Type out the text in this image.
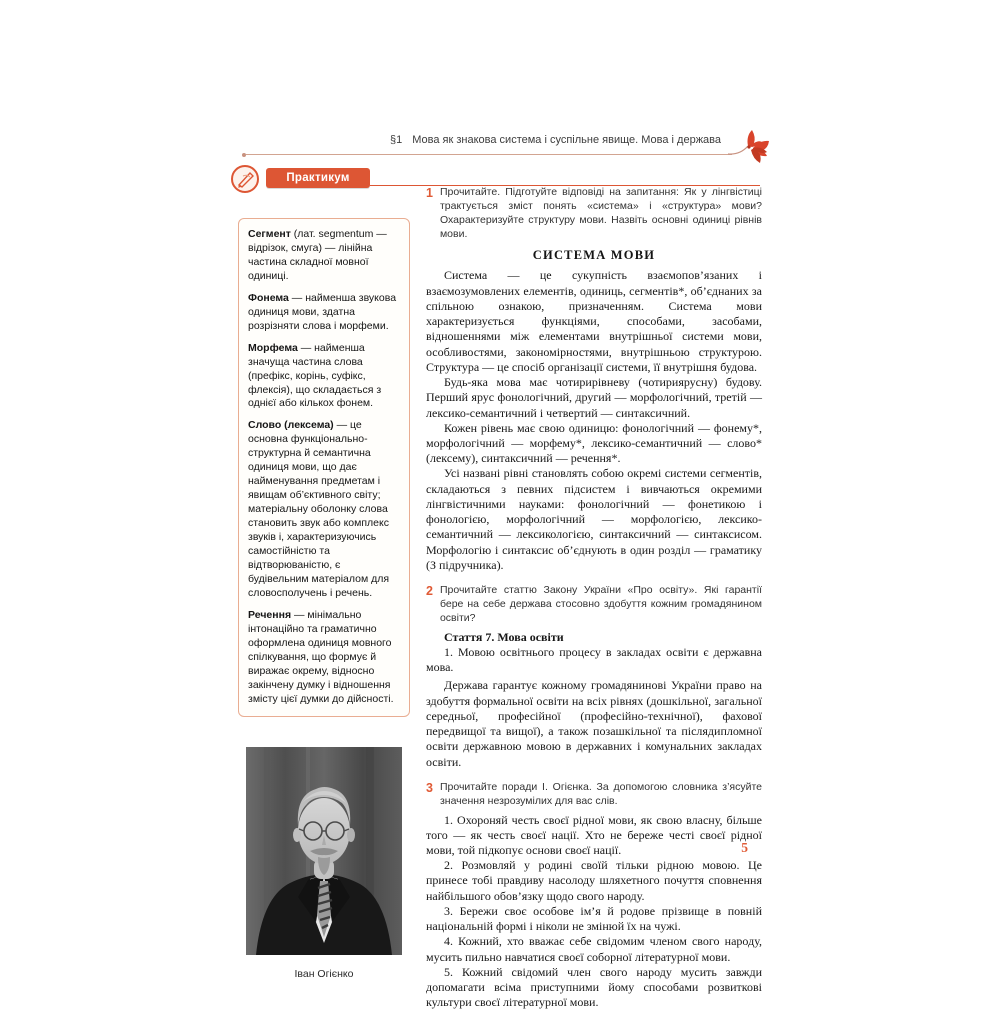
§1 Мова як знакова система і суспільне явище. Мова і держава
Практикум
Сегмент (лат. segmentum — відрізок, смуга) — лінійна частина складної мовної одиниці.
Фонема — найменша звукова одиниця мови, здатна розрізняти слова і морфеми.
Морфема — найменша значуща частина слова (префікс, корінь, суфікс, флексія), що складається з однієї або кількох фонем.
Слово (лексема) — це основна функціонально-структурна й семантична одиниця мови, що дає найменування предметам і явищам об’єктивного світу; матеріальну оболонку слова становить звук або комплекс звуків і, характеризуючись самостійністю та відтворюваністю, є будівельним матеріалом для словосполучень і речень.
Речення — мінімально інтонаційно та граматично оформлена одиниця мовного спілкування, що формує й виражає окрему, відносно закінчену думку і відношення змісту цієї думки до дійсності.
Іван Огієнко
1 Прочитайте. Підготуйте відповіді на запитання: Як у лінгвістиці трактується зміст понять «система» і «структура» мови? Охарактеризуйте структуру мови. Назвіть основні одиниці рівнів мови.
СИСТЕМА МОВИ

Система — це сукупність взаємопов’язаних і взаємозумовлених елементів, одиниць, сегментів*, об’єднаних за спільною ознакою, призначенням. Система мови характеризується функціями, способами, засобами, відношеннями між елементами внутрішньої системи мови, особливостями, закономірностями, внутрішньою структурою. Структура — це спосіб організації системи, її внутрішня будова.

Будь-яка мова має чотирирівневу (чотириярусну) будову. Перший ярус фонологічний, другий — морфологічний, третій — лексико-семантичний і четвертий — синтаксичний.

Кожен рівень має свою одиницю: фонологічний — фонему*, морфологічний — морфему*, лексико-семантичний — слово* (лексему), синтаксичний — речення*.

Усі названі рівні становлять собою окремі системи сегментів, складаються з певних підсистем і вивчаються окремими лінгвістичними науками: фонологічний — фонетикою і фонологією, морфологічний — морфологією, лексико-семантичний — лексикологією, синтаксичний — синтаксисом. Морфологію і синтаксис об’єднують в один розділ — граматику (З підручника).

2 Прочитайте статтю Закону України «Про освіту». Які гарантії бере на себе держава стосовно здобуття кожним громадянином освіти?

Стаття 7. Мова освіти

1. Мовою освітнього процесу в закладах освіти є державна мова.

Держава гарантує кожному громадянинові України право на здобуття формальної освіти на всіх рівнях (дошкільної, загальної середньої, професійної (професійно-технічної), фахової передвищої та вищої), а також позашкільної та післядипломної освіти державною мовою в державних і комунальних закладах освіти.

3 Прочитайте поради І. Огієнка. За допомогою словника з’ясуйте значення незрозумілих для вас слів.

1. Охороняй честь своєї рідної мови, як свою власну, більше того — як честь своєї нації. Хто не береже честі своєї рідної мови, той підкопує основи своєї нації.

2. Розмовляй у родині своїй тільки рідною мовою. Це принесе тобі правдиву насолоду шляхетного почуття сповнення найбільшого обов’язку щодо свого народу.

3. Бережи своє особове ім’я й родове прізвище в повній національній формі і ніколи не змінюй їх на чужі.

4. Кожний, хто вважає себе свідомим членом свого народу, мусить пильно навчатися своєї соборної літературної мови.

5. Кожний свідомий член свого народу мусить завжди допомагати всіма приступними йому способами розвиткові культури своєї літературної мови.

5
